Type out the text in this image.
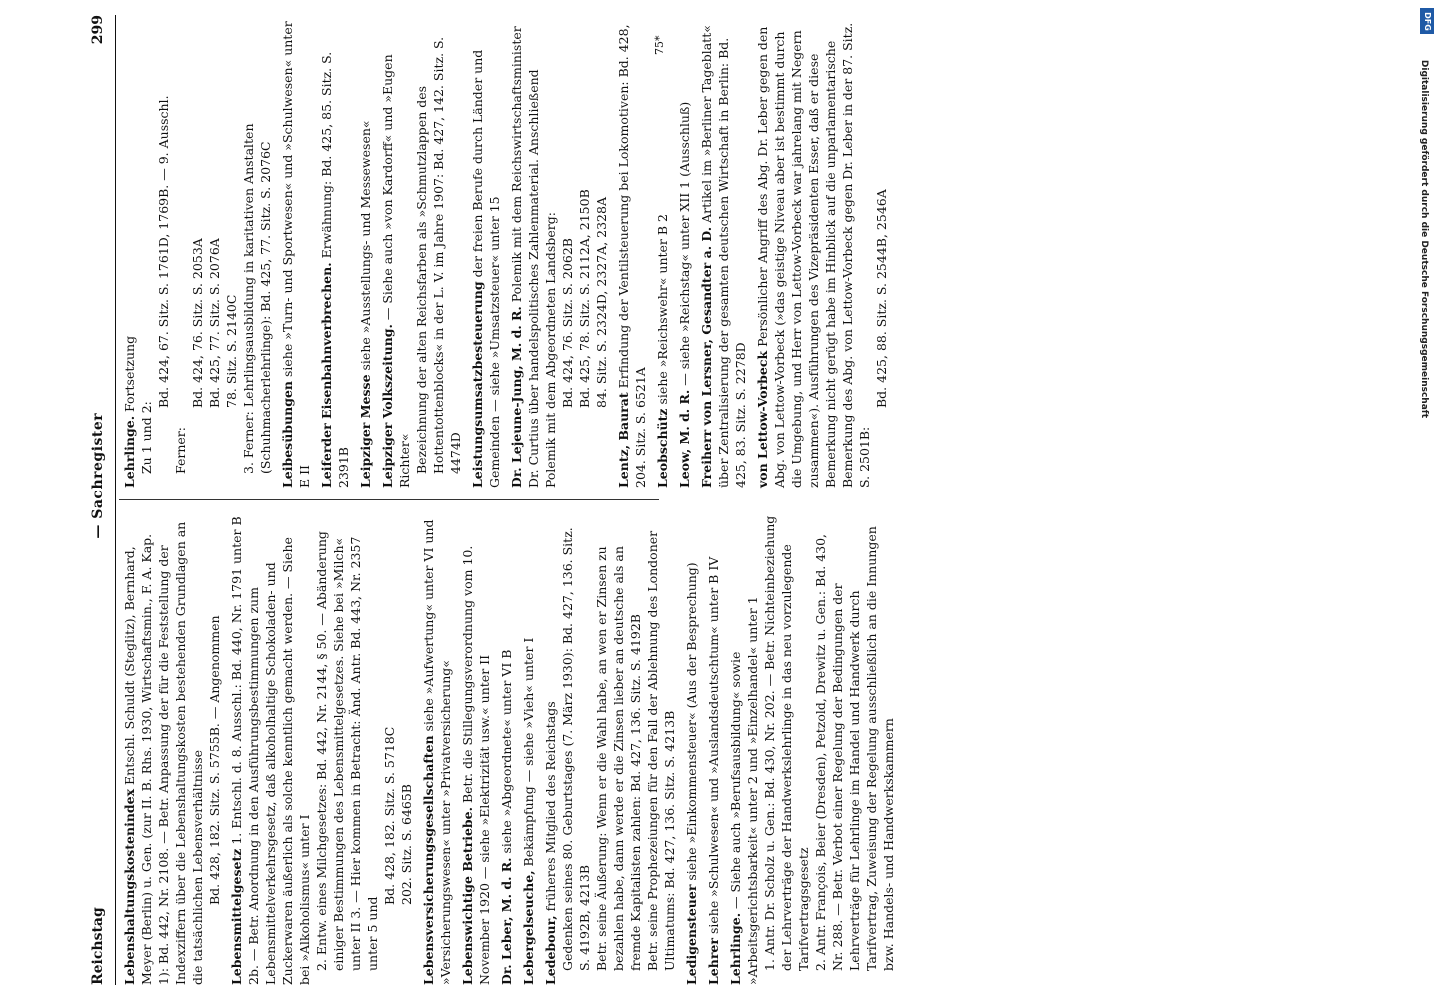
Reichstag
— Sachregister
299
Lebenshaltungskostenindex Entschl. Schuldt (Steglitz), Bernhard, Meyer (Berlin) u. Gen. (zur II. B. Rhs. 1930, Wirtschaftsmin., F. A. Kap. 1): Bd. 442, Nr. 2108. — Betr. Anpassung der für die Feststellung der Indexziffern über die Lebenshaltungskosten bestehenden Grundlagen an die tatsächlichen Lebensverhältnisse Bd. 428, 182. Sitz. S. 5755B. — Angenommen
Lebensmittelgesetz 1. Entschl. d. 8. Ausschl.: Bd. 440, Nr. 1791 unter B 2b. — Betr. Anordnung in den Ausführungsbestimmungen zum Lebensmittelverkehrsgesetz, daß alkoholhaltige Schokoladen- und Zuckerwaren äußerlich als solche kenntlich gemacht werden. — Siehe bei »Alkoholismus« unter I 2. Entw. eines Milchgesetzes: Bd. 442, Nr. 2144, § 50. — Abänderung einiger Bestimmungen des Lebensmittelgesetzes. Siehe bei »Milch« unter II 3. — Hier kommen in Betracht: Änd. Antr. Bd. 443, Nr. 2357 unter 5 und
Bd. 428, 182. Sitz. S. 5718C 202. Sitz. S. 6465B Lebensversicherungsgesellschaften siehe »Aufwertung« unter VI und »Versicherungswesen« unter »Privatversicherung« Lebenswichtige Betriebe. Betr. die Stillegungsverordnung vom 10. November 1920 — siehe »Elektrizität usw.« unter II Dr. Leber, M. d. R. siehe »Abgeordnete« unter VI B
Lebergelseuche, Bekämpfung — siehe »Vieh« unter I
Ledebour, früheres Mitglied des Reichstags Gedenken seines 80. Geburtstages (7. März 1930): Bd. 427, 136. Sitz. S. 4192B, 4213B Betr. seine Äußerung: Wenn er die Wahl habe, an wen er Zinsen zu bezahlen habe, dann werde er die Zinsen lieber an deutsche als an fremde Kapitalisten zahlen: Bd. 427, 136. Sitz. S. 4192B Betr. seine Prophezeiungen für den Fall der Ablehnung des Londoner Ultimatums: Bd. 427, 136. Sitz. S. 4213B Ledigensteuer siehe »Einkommensteuer« (Aus der Besprechung)
Lehrer siehe »Schulwesen« und »Auslandsdeutschtum« unter B IV
Lehrlinge. — Siehe auch »Berufsausbildung« sowie »Arbeitsgerichtsbarkeit« unter 2 und »Einzelhandel« unter 1 1. Antr. Dr. Scholz u. Gen.: Bd. 430, Nr. 202. — Betr. Nichteinbeziehung der Lehrverträge der Handwerkslehrlinge in das neu vorzulegende Tarifvertragsgesetz 2. Antr. François, Beier (Dresden), Petzold, Drewitz u. Gen.: Bd. 430, Nr. 288. — Betr. Verbot einer Regelung der Bedingungen der Lehrverträge für Lehrlinge im Handel und Handwerk durch Tarifvertrag, Zuweisung der Regelung ausschließlich an die Innungen bzw. Handels- und Handwerkskammern
Lehrlinge. Fortsetzung
Zu 1 und 2:
Bd. 424, 67. Sitz. S. 1761D, 1769B. — 9. Ausschl.
Ferner:
Bd. 424, 76. Sitz. S. 2053A Bd. 425, 77. Sitz. S. 2076A 78. Sitz. S. 2140C 3. Ferner: Lehrlingsausbildung in karitativen Anstalten (Schuhmacherlehrlinge): Bd. 425, 77. Sitz. S. 2076C Leibesübungen siehe »Turn- und Sportwesen« und »Schulwesen« unter E II Leiferder Eisenbahnverbrechen. Erwähnung: Bd. 425, 85. Sitz. S. 2391B Leipziger Messe siehe »Ausstellungs- und Messewesen«
Leipziger Volkszeitung. — Siehe auch »von Kardorff« und »Eugen Richter« Bezeichnung der alten Reichsfarben als »Schmutzlappen des Hottentottenblocks« in der L. V. im Jahre 1907: Bd. 427, 142. Sitz. S. 4474D Leistungsumsatzbesteuerung der freien Berufe durch Länder und Gemeinden — siehe »Umsatzsteuer« unter 15 Dr. Lejeune-Jung, M. d. R. Polemik mit dem Reichswirtschaftsminister Dr. Curtius über handelspolitisches Zahlenmaterial. Anschließend Polemik mit dem Abgeordneten Landsberg: Bd. 424, 76. Sitz. S. 2062B Bd. 425, 78. Sitz. S. 2112A, 2150B 84. Sitz. S. 2324D, 2327A, 2328A
Lentz, Baurat Erfindung der Ventilsteuerung bei Lokomotiven: Bd. 428, 204. Sitz. S. 6521A Leobschütz siehe »Reichswehr« unter B 2
Leow, M. d. R. — siehe »Reichstag« unter XII 1 (Ausschluß) Freiherr von Lersner, Gesandter a. D. Artikel im »Berliner Tageblatt« über Zentralisierung der gesamten deutschen Wirtschaft in Berlin: Bd. 425, 83. Sitz. S. 2278D von Lettow-Vorbeck Persönlicher Angriff des Abg. Dr. Leber gegen den Abg. von Lettow-Vorbeck (»das geistige Niveau aber ist bestimmt durch die Umgebung, und Herr von Lettow-Vorbeck war jahrelang mit Negern zusammen«). Ausführungen des Vizepräsidenten Esser, daß er diese Bemerkung nicht gerügt habe im Hinblick auf die unparlamentarische Bemerkung des Abg. von Lettow-Vorbeck gegen Dr. Leber in der 87. Sitz. S. 2501B:
Bd. 425, 88. Sitz. S. 2544B, 2546A
75*
DFG
Digitalisierung gefördert durch die Deutsche Forschungsgemeinschaft
